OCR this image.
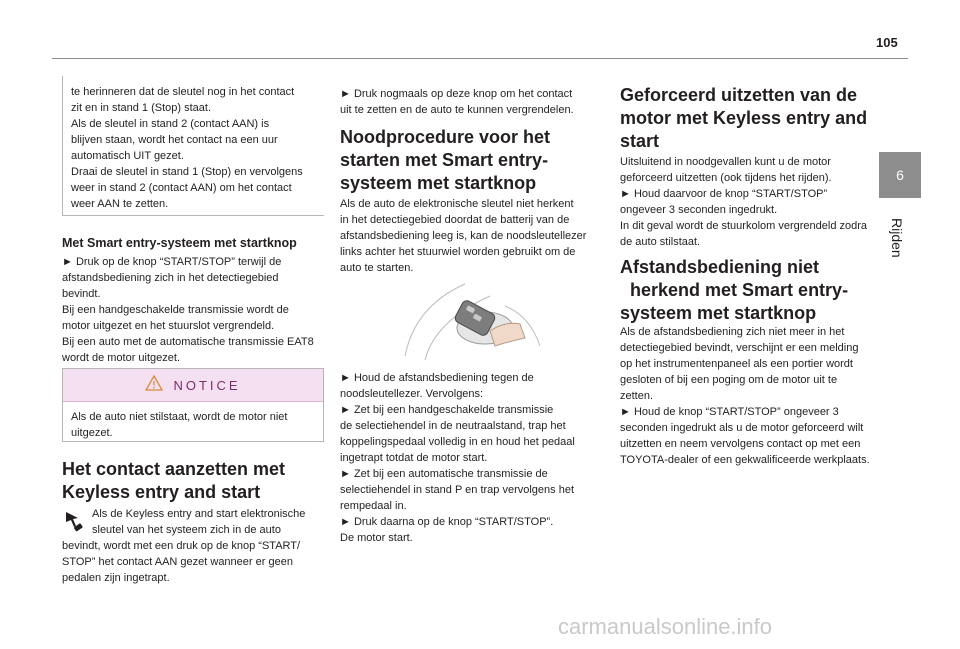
105
6
Rijden

te herinneren dat de sleutel nog in het contact

zit en in stand 1 (Stop) staat.

Als de sleutel in stand 2 (contact AAN) is

blijven staan, wordt het contact na een uur

automatisch UIT gezet.

Draai de sleutel in stand 1 (Stop) en vervolgens

weer in stand 2 (contact AAN) om het contact

weer AAN te zetten.

Met Smart entry-systeem met startknop

► Druk op de knop “START/STOP” terwijl de

afstandsbediening zich in het detectiegebied

bevindt.

Bij een handgeschakelde transmissie wordt de

motor uitgezet en het stuurslot vergrendeld.

Bij een auto met de automatische transmissie EAT8

wordt de motor uitgezet.

NOTICE

Als de auto niet stilstaat, wordt de motor niet

uitgezet.

Het contact aanzetten met

Keyless entry and start

Als de Keyless entry and start elektronische

sleutel van het systeem zich in de auto

bevindt, wordt met een druk op de knop “START/

STOP” het contact AAN gezet wanneer er geen

pedalen zijn ingetrapt.

► Druk nogmaals op deze knop om het contact

uit te zetten en de auto te kunnen vergrendelen.

Noodprocedure voor het

starten met Smart entry-

systeem met startknop

Als de auto de elektronische sleutel niet herkent

in het detectiegebied doordat de batterij van de

afstandsbediening leeg is, kan de noodsleutellezer

links achter het stuurwiel worden gebruikt om de

auto te starten.

► Houd de afstandsbediening tegen de

noodsleutellezer. Vervolgens:

► Zet bij een handgeschakelde transmissie

de selectiehendel in de neutraalstand, trap het

koppelingspedaal volledig in en houd het pedaal

ingetrapt totdat de motor start.

► Zet bij een automatische transmissie de

selectiehendel in stand P en trap vervolgens het

rempedaal in.

► Druk daarna op de knop “START/STOP”.

De motor start.

Geforceerd uitzetten van de

motor met Keyless entry and

start

Uitsluitend in noodgevallen kunt u de motor

geforceerd uitzetten (ook tijdens het rijden).

► Houd daarvoor de knop “START/STOP”

ongeveer 3 seconden ingedrukt.

In dit geval wordt de stuurkolom vergrendeld zodra

de auto stilstaat.

Afstandsbediening niet

herkend met Smart entry-

systeem met startknop

Als de afstandsbediening zich niet meer in het

detectiegebied bevindt, verschijnt er een melding

op het instrumentenpaneel als een portier wordt

gesloten of bij een poging om de motor uit te

zetten.

► Houd de knop “START/STOP” ongeveer 3

seconden ingedrukt als u de motor geforceerd wilt

uitzetten en neem vervolgens contact op met een

TOYOTA-dealer of een gekwalificeerde werkplaats.

carmanualsonline.info
